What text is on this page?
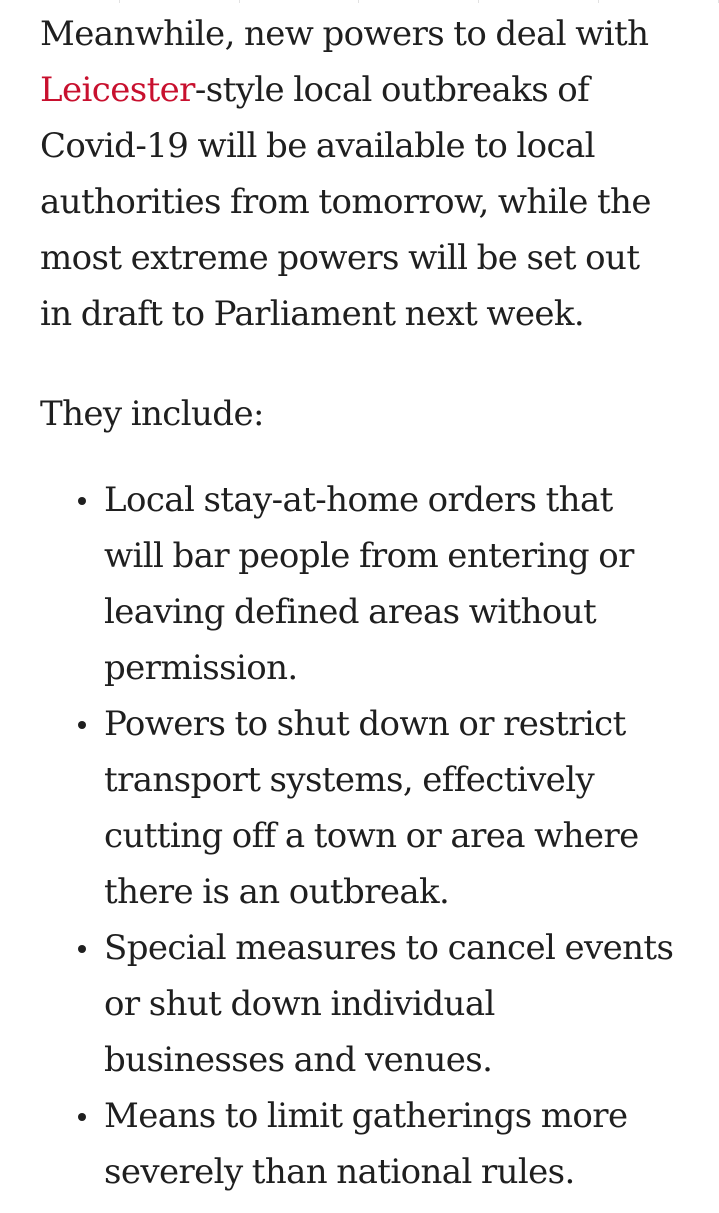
Meanwhile, new powers to deal with Leicester-style local outbreaks of Covid-19 will be available to local authorities from tomorrow, while the most extreme powers will be set out in draft to Parliament next week.

They include:

Local stay-at-home orders that will bar people from entering or leaving defined areas without permission.
Powers to shut down or restrict transport systems, effectively cutting off a town or area where there is an outbreak.
Special measures to cancel events or shut down individual businesses and venues.
Means to limit gatherings more severely than national rules.
